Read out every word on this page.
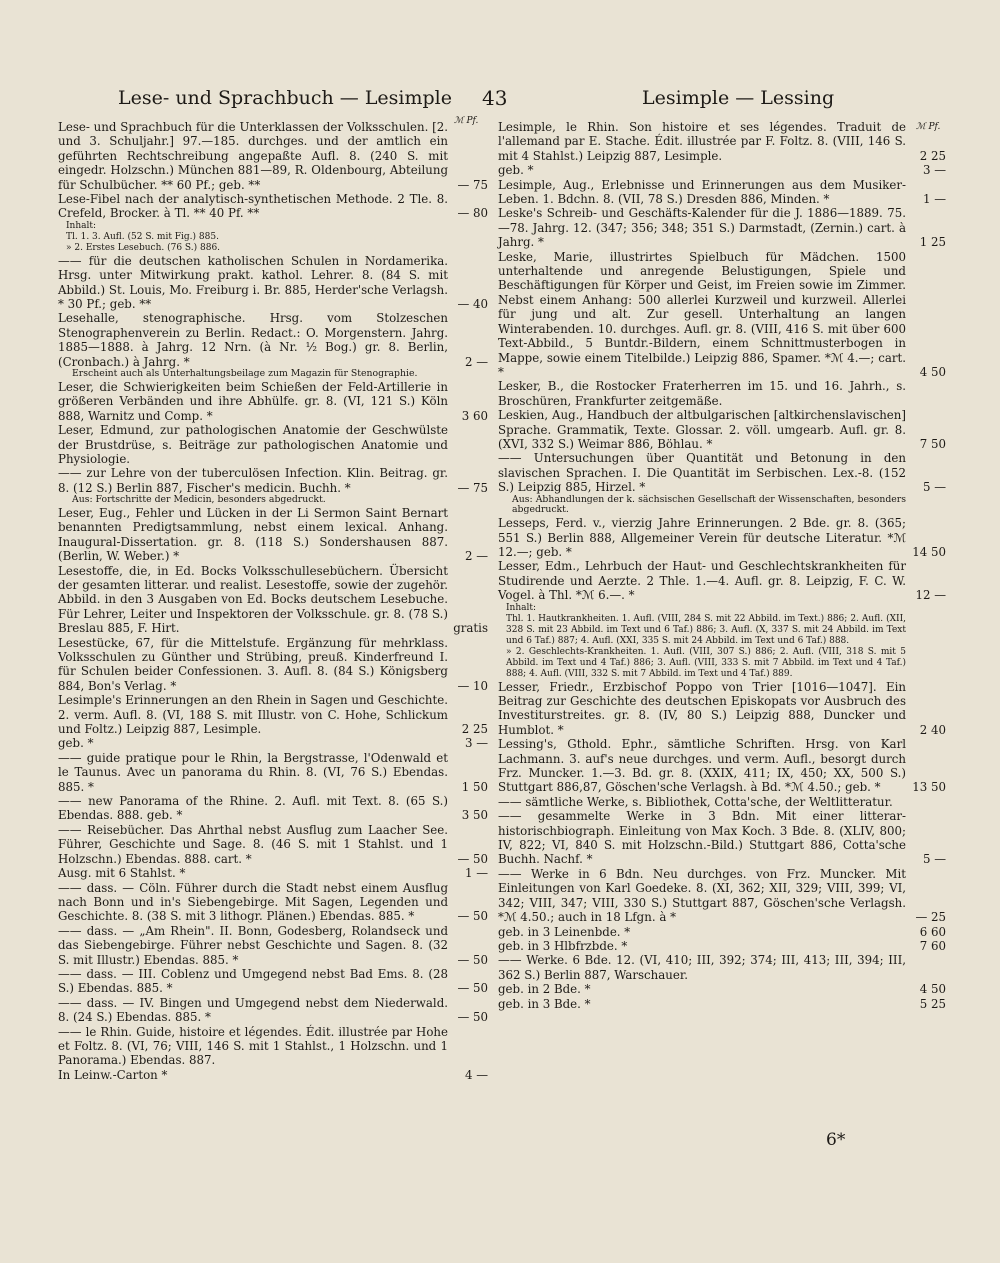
Lese- und Sprachbuch — Lesimple 43	Lesimple — Lessing
ℳ Pf.
ℳ Pf.
Lese- und Sprachbuch für die Unterklassen der Volksschulen. [2. und 3. Schuljahr.] 97.—185. durchges. und der amtlich ein geführten Rechtschreibung angepaßte Aufl. 8. (240 S. mit eingedr. Holzschn.) München 881—89, R. Oldenbourg, Abteilung für Schulbücher. ** 60 Pf.; geb. **	— 75
Lese-Fibel nach der analytisch-synthetischen Methode. 2 Tle. 8. Crefeld, Brocker. à Tl. ** 40 Pf. **	— 80
Inhalt:
Tl. 1. 3. Aufl. (52 S. mit Fig.) 885.
» 2. Erstes Lesebuch. (76 S.) 886.
—— für die deutschen katholischen Schulen in Nordamerika. Hrsg. unter Mitwirkung prakt. kathol. Lehrer. 8. (84 S. mit Abbild.) St. Louis, Mo. Freiburg i. Br. 885, Herder'sche Verlagsh. * 30 Pf.; geb. **	— 40
Lesehalle, stenographische. Hrsg. vom Stolzeschen Stenographenverein zu Berlin. Redact.: O. Morgenstern. Jahrg. 1885—1888. à Jahrg. 12 Nrn. (à Nr. ½ Bog.) gr. 8. Berlin, (Cronbach.) à Jahrg. *	2 —
Erscheint auch als Unterhaltungsbeilage zum Magazin für Stenographie.
Leser, die Schwierigkeiten beim Schießen der Feld-Artillerie in größeren Verbänden und ihre Abhülfe. gr. 8. (VI, 121 S.) Köln 888, Warnitz und Comp. *	3 60
Leser, Edmund, zur pathologischen Anatomie der Geschwülste der Brustdrüse, s. Beiträge zur pathologischen Anatomie und Physiologie.
—— zur Lehre von der tuberculösen Infection. Klin. Beitrag. gr. 8. (12 S.) Berlin 887, Fischer's medicin. Buchh. *	— 75
Aus: Fortschritte der Medicin, besonders abgedruckt.
Leser, Eug., Fehler und Lücken in der Li Sermon Saint Bernart benannten Predigtsammlung, nebst einem lexical. Anhang. Inaugural-Dissertation. gr. 8. (118 S.) Sondershausen 887. (Berlin, W. Weber.) *	2 —
Lesestoffe, die, in Ed. Bocks Volksschullesebüchern. Übersicht der gesamten litterar. und realist. Lesestoffe, sowie der zugehör. Abbild. in den 3 Ausgaben von Ed. Bocks deutschem Lesebuche. Für Lehrer, Leiter und Inspektoren der Volksschule. gr. 8. (78 S.) Breslau 885, F. Hirt.	gratis
Lesestücke, 67, für die Mittelstufe. Ergänzung für mehrklass. Volksschulen zu Günther und Strübing, preuß. Kinderfreund I. für Schulen beider Confessionen. 3. Aufl. 8. (84 S.) Königsberg 884, Bon's Verlag. *	— 10
Lesimple's Erinnerungen an den Rhein in Sagen und Geschichte. 2. verm. Aufl. 8. (VI, 188 S. mit Illustr. von C. Hohe, Schlickum und Foltz.) Leipzig 887, Lesimple.	2 25
geb. *	3 —
—— guide pratique pour le Rhin, la Bergstrasse, l'Odenwald et le Taunus. Avec un panorama du Rhin. 8. (VI, 76 S.) Ebendas. 885. *	1 50
—— new Panorama of the Rhine. 2. Aufl. mit Text. 8. (65 S.) Ebendas. 888. geb. *	3 50
—— Reisebücher. Das Ahrthal nebst Ausflug zum Laacher See. Führer, Geschichte und Sage. 8. (46 S. mit 1 Stahlst. und 1 Holzschn.) Ebendas. 888. cart. *	— 50
Ausg. mit 6 Stahlst. *	1 —
—— dass. — Cöln. Führer durch die Stadt nebst einem Ausflug nach Bonn und in's Siebengebirge. Mit Sagen, Legenden und Geschichte. 8. (38 S. mit 3 lithogr. Plänen.) Ebendas. 885. *	— 50
—— dass. — „Am Rhein". II. Bonn, Godesberg, Rolandseck und das Siebengebirge. Führer nebst Geschichte und Sagen. 8. (32 S. mit Illustr.) Ebendas. 885. *	— 50
—— dass. — III. Coblenz und Umgegend nebst Bad Ems. 8. (28 S.) Ebendas. 885. *	— 50
—— dass. — IV. Bingen und Umgegend nebst dem Niederwald. 8. (24 S.) Ebendas. 885. *	— 50
—— le Rhin. Guide, histoire et légendes. Édit. illustrée par Hohe et Foltz. 8. (VI, 76; VIII, 146 S. mit 1 Stahlst., 1 Holzschn. und 1 Panorama.) Ebendas. 887.
In Leinw.-Carton *	4 —
Lesimple, le Rhin. Son histoire et ses légendes. Traduit de l'allemand par E. Stache. Édit. illustrée par F. Foltz. 8. (VIII, 146 S. mit 4 Stahlst.) Leipzig 887, Lesimple.	2 25
geb. *	3 —
Lesimple, Aug., Erlebnisse und Erinnerungen aus dem Musiker-Leben. 1. Bdchn. 8. (VII, 78 S.) Dresden 886, Minden. *	1 —
Leske's Schreib- und Geschäfts-Kalender für die J. 1886—1889. 75.—78. Jahrg. 12. (347; 356; 348; 351 S.) Darmstadt, (Zernin.) cart. à Jahrg. *	1 25
Leske, Marie, illustrirtes Spielbuch für Mädchen. 1500 unterhaltende und anregende Belustigungen, Spiele und Beschäftigungen für Körper und Geist, im Freien sowie im Zimmer. Nebst einem Anhang: 500 allerlei Kurzweil und kurzweil. Allerlei für jung und alt. Zur gesell. Unterhaltung an langen Winterabenden. 10. durchges. Aufl. gr. 8. (VIII, 416 S. mit über 600 Text-Abbild., 5 Buntdr.-Bildern, einem Schnittmusterbogen in Mappe, sowie einem Titelbilde.) Leipzig 886, Spamer. *ℳ 4.—; cart. *	4 50
Lesker, B., die Rostocker Fraterherren im 15. und 16. Jahrh., s. Broschüren, Frankfurter zeitgemäße.
Leskien, Aug., Handbuch der altbulgarischen [altkirchenslavischen] Sprache. Grammatik, Texte. Glossar. 2. völl. umgearb. Aufl. gr. 8. (XVI, 332 S.) Weimar 886, Böhlau. *	7 50
—— Untersuchungen über Quantität und Betonung in den slavischen Sprachen. I. Die Quantität im Serbischen. Lex.-8. (152 S.) Leipzig 885, Hirzel. *	5 —
Aus: Abhandlungen der k. sächsischen Gesellschaft der Wissenschaften, besonders abgedruckt.
Lesseps, Ferd. v., vierzig Jahre Erinnerungen. 2 Bde. gr. 8. (365; 551 S.) Berlin 888, Allgemeiner Verein für deutsche Literatur. *ℳ 12.—; geb. *	14 50
Lesser, Edm., Lehrbuch der Haut- und Geschlechtskrankheiten für Studirende und Aerzte. 2 Thle. 1.—4. Aufl. gr. 8. Leipzig, F. C. W. Vogel. à Thl. *ℳ 6.—. *	12 —
Inhalt:
Thl. 1. Hautkrankheiten. 1. Aufl. (VIII, 284 S. mit 22 Abbild. im Text.) 886; 2. Aufl. (XII, 328 S. mit 23 Abbild. im Text und 6 Taf.) 886; 3. Aufl. (X, 337 S. mit 24 Abbild. im Text und 6 Taf.) 887; 4. Aufl. (XXI, 335 S. mit 24 Abbild. im Text und 6 Taf.) 888.
» 2. Geschlechts-Krankheiten. 1. Aufl. (VIII, 307 S.) 886; 2. Aufl. (VIII, 318 S. mit 5 Abbild. im Text und 4 Taf.) 886; 3. Aufl. (VIII, 333 S. mit 7 Abbild. im Text und 4 Taf.) 888; 4. Aufl. (VIII, 332 S. mit 7 Abbild. im Text und 4 Taf.) 889.
Lesser, Friedr., Erzbischof Poppo von Trier [1016—1047]. Ein Beitrag zur Geschichte des deutschen Episkopats vor Ausbruch des Investiturstreites. gr. 8. (IV, 80 S.) Leipzig 888, Duncker und Humblot. *	2 40
Lessing's, Gthold. Ephr., sämtliche Schriften. Hrsg. von Karl Lachmann. 3. auf's neue durchges. und verm. Aufl., besorgt durch Frz. Muncker. 1.—3. Bd. gr. 8. (XXIX, 411; IX, 450; XX, 500 S.) Stuttgart 886,87, Göschen'sche Verlagsh. à Bd. *ℳ 4.50.; geb. *	13 50
—— sämtliche Werke, s. Bibliothek, Cotta'sche, der Weltlitteratur.
—— gesammelte Werke in 3 Bdn. Mit einer litterar-historischbiograph. Einleitung von Max Koch. 3 Bde. 8. (XLIV, 800; IV, 822; VI, 840 S. mit Holzschn.-Bild.) Stuttgart 886, Cotta'sche Buchh. Nachf. *	5 —
—— Werke in 6 Bdn. Neu durchges. von Frz. Muncker. Mit Einleitungen von Karl Goedeke. 8. (XI, 362; XII, 329; VIII, 399; VI, 342; VIII, 347; VIII, 330 S.) Stuttgart 887, Göschen'sche Verlagsh. *ℳ 4.50.; auch in 18 Lfgn. à *	— 25
geb. in 3 Leinenbde. *	6 60
geb. in 3 Hlbfrzbde. *	7 60
—— Werke. 6 Bde. 12. (VI, 410; III, 392; 374; III, 413; III, 394; III, 362 S.) Berlin 887, Warschauer.
geb. in 2 Bde. *	4 50
geb. in 3 Bde. *	5 25
6*
